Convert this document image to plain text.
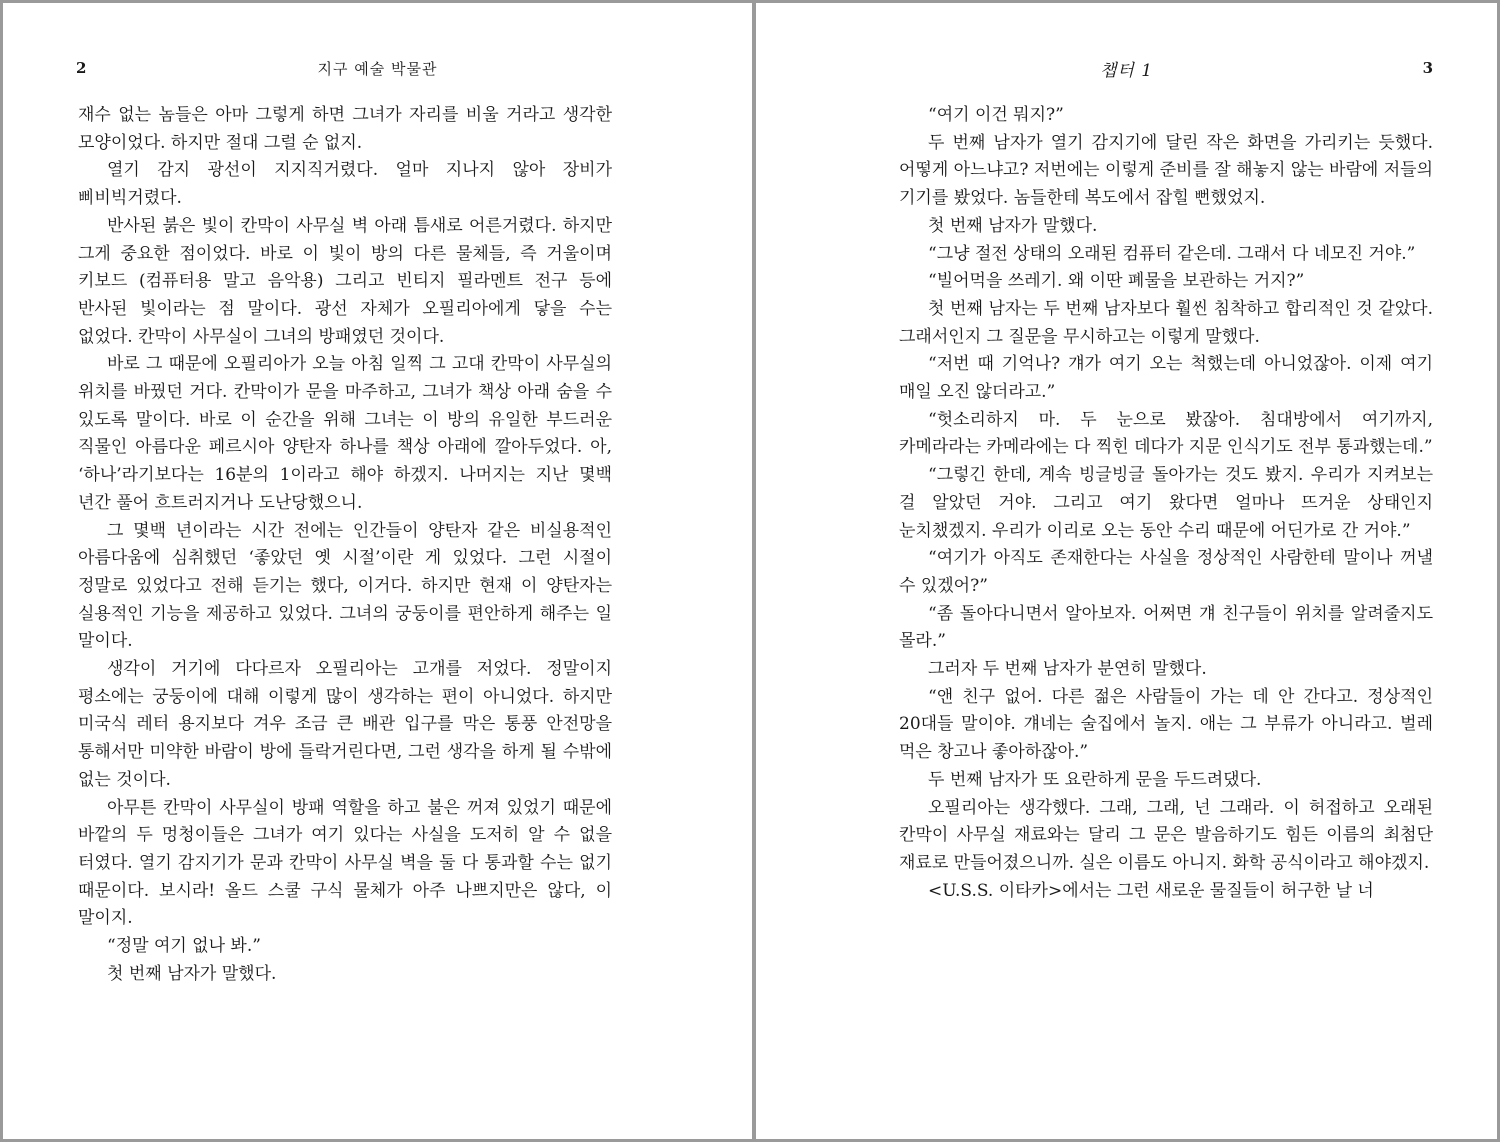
2	지구 예술 박물관

재수 없는 놈들은 아마 그렇게 하면 그녀가 자리를 비울 거라고 생각한 모양이었다. 하지만 절대 그럴 순 없지.

열기 감지 광선이 지지직거렸다. 얼마 지나지 않아 장비가 삐비빅거렸다.

반사된 붉은 빛이 칸막이 사무실 벽 아래 틈새로 어른거렸다. 하지만 그게 중요한 점이었다. 바로 이 빛이 방의 다른 물체들, 즉 거울이며 키보드 (컴퓨터용 말고 음악용) 그리고 빈티지 필라멘트 전구 등에 반사된 빛이라는 점 말이다. 광선 자체가 오필리아에게 닿을 수는 없었다. 칸막이 사무실이 그녀의 방패였던 것이다.

바로 그 때문에 오필리아가 오늘 아침 일찍 그 고대 칸막이 사무실의 위치를 바꿨던 거다. 칸막이가 문을 마주하고, 그녀가 책상 아래 숨을 수 있도록 말이다. 바로 이 순간을 위해 그녀는 이 방의 유일한 부드러운 직물인 아름다운 페르시아 양탄자 하나를 책상 아래에 깔아두었다. 아, ‘하나’라기보다는 16분의 1이라고 해야 하겠지. 나머지는 지난 몇백 년간 풀어 흐트러지거나 도난당했으니.

그 몇백 년이라는 시간 전에는 인간들이 양탄자 같은 비실용적인 아름다움에 심취했던 ‘좋았던 옛 시절’이란 게 있었다. 그런 시절이 정말로 있었다고 전해 듣기는 했다, 이거다. 하지만 현재 이 양탄자는 실용적인 기능을 제공하고 있었다. 그녀의 궁둥이를 편안하게 해주는 일 말이다.

생각이 거기에 다다르자 오필리아는 고개를 저었다. 정말이지 평소에는 궁둥이에 대해 이렇게 많이 생각하는 편이 아니었다. 하지만 미국식 레터 용지보다 겨우 조금 큰 배관 입구를 막은 통풍 안전망을 통해서만 미약한 바람이 방에 들락거린다면, 그런 생각을 하게 될 수밖에 없는 것이다.

아무튼 칸막이 사무실이 방패 역할을 하고 불은 꺼져 있었기 때문에 바깥의 두 멍청이들은 그녀가 여기 있다는 사실을 도저히 알 수 없을 터였다. 열기 감지기가 문과 칸막이 사무실 벽을 둘 다 통과할 수는 없기 때문이다. 보시라! 올드 스쿨 구식 물체가 아주 나쁘지만은 않다, 이 말이지.

“정말 여기 없나 봐.”

첫 번째 남자가 말했다.

챕터 1	3

“여기 이건 뭐지?”

두 번째 남자가 열기 감지기에 달린 작은 화면을 가리키는 듯했다. 어떻게 아느냐고? 저번에는 이렇게 준비를 잘 해놓지 않는 바람에 저들의 기기를 봤었다. 놈들한테 복도에서 잡힐 뻔했었지.

첫 번째 남자가 말했다.

“그냥 절전 상태의 오래된 컴퓨터 같은데. 그래서 다 네모진 거야.”

“빌어먹을 쓰레기. 왜 이딴 폐물을 보관하는 거지?”

첫 번째 남자는 두 번째 남자보다 훨씬 침착하고 합리적인 것 같았다. 그래서인지 그 질문을 무시하고는 이렇게 말했다.

“저번 때 기억나? 걔가 여기 오는 척했는데 아니었잖아. 이제 여기 매일 오진 않더라고.”

“헛소리하지 마. 두 눈으로 봤잖아. 침대방에서 여기까지, 카메라라는 카메라에는 다 찍힌 데다가 지문 인식기도 전부 통과했는데.”

“그렇긴 한데, 계속 빙글빙글 돌아가는 것도 봤지. 우리가 지켜보는 걸 알았던 거야. 그리고 여기 왔다면 얼마나 뜨거운 상태인지 눈치챘겠지. 우리가 이리로 오는 동안 수리 때문에 어딘가로 간 거야.”

“여기가 아직도 존재한다는 사실을 정상적인 사람한테 말이나 꺼낼 수 있겠어?”

“좀 돌아다니면서 알아보자. 어쩌면 걔 친구들이 위치를 알려줄지도 몰라.”

그러자 두 번째 남자가 분연히 말했다.

“앤 친구 없어. 다른 젊은 사람들이 가는 데 안 간다고. 정상적인 20대들 말이야. 걔네는 술집에서 놀지. 애는 그 부류가 아니라고. 벌레 먹은 창고나 좋아하잖아.”

두 번째 남자가 또 요란하게 문을 두드려댔다.

오필리아는 생각했다. 그래, 그래, 넌 그래라. 이 허접하고 오래된 칸막이 사무실 재료와는 달리 그 문은 발음하기도 힘든 이름의 최첨단 재료로 만들어졌으니까. 실은 이름도 아니지. 화학 공식이라고 해야겠지.

<U.S.S. 이타카>에서는 그런 새로운 물질들이 허구한 날 너
